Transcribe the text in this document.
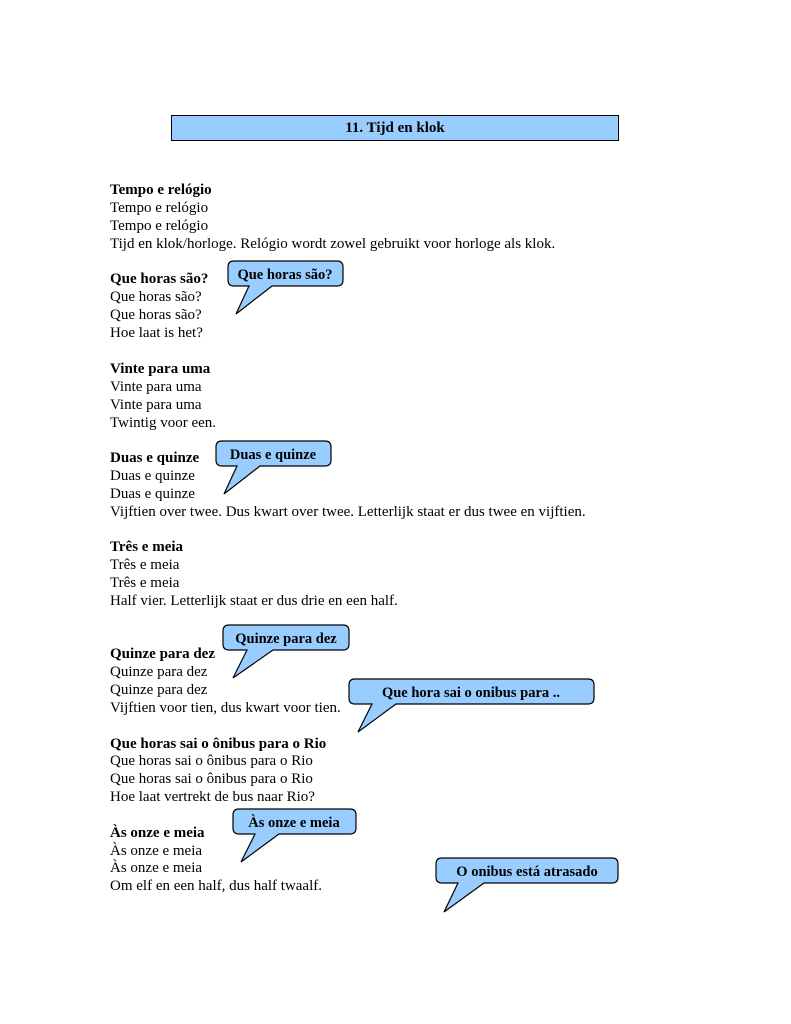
11. Tijd en klok
Tempo e relógio
Tempo e relógio
Tempo e relógio
Tijd en klok/horloge. Relógio wordt zowel gebruikt voor horloge als klok.
Que horas são?
Que horas são?
Que horas são?
Hoe laat is het?
Vinte para uma
Vinte para uma
Vinte para uma
Twintig voor een.
Duas e quinze
Duas e quinze
Duas e quinze
Vijftien over twee. Dus kwart over twee. Letterlijk staat er dus twee en vijftien.
Três e meia
Três e meia
Três e meia
Half vier. Letterlijk staat er dus drie en een half.
Quinze para dez
Quinze para dez
Quinze para dez
Vijftien voor tien, dus kwart voor tien.
Que horas sai o ônibus para o Rio
Que horas sai o ônibus para o Rio
Que horas sai o ônibus para o Rio
Hoe laat vertrekt de bus naar Rio?
Às onze e meia
Às onze e meia
Às onze e meia
Om elf en een half, dus half twaalf.
Que horas são?
Duas e quinze
Quinze para dez
Que hora sai o onibus para ..
Às onze e meia
O onibus está atrasado
